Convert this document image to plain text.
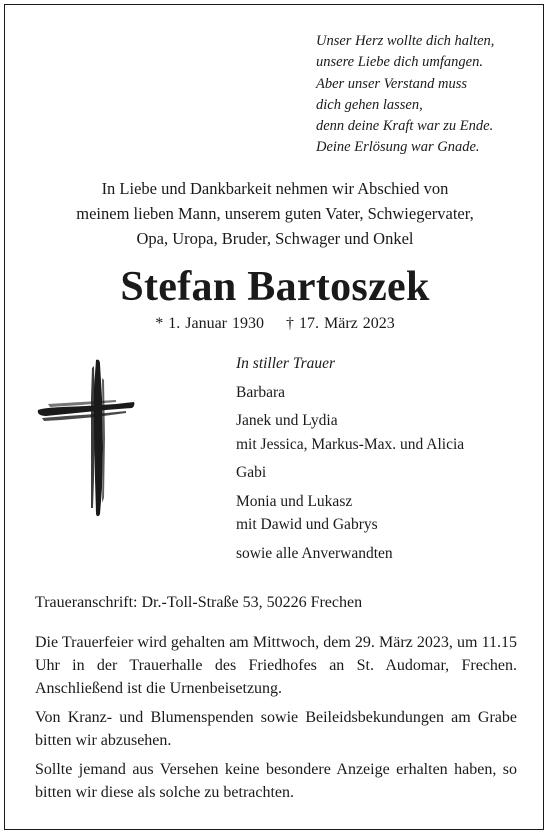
Unser Herz wollte dich halten,
unsere Liebe dich umfangen.
Aber unser Verstand muss
dich gehen lassen,
denn deine Kraft war zu Ende.
Deine Erlösung war Gnade.
In Liebe und Dankbarkeit nehmen wir Abschied von
meinem lieben Mann, unserem guten Vater, Schwiegervater,
Opa, Uropa, Bruder, Schwager und Onkel
Stefan Bartoszek
* 1. Januar 1930 † 17. März 2023
In stiller Trauer
Barbara
Janek und Lydia
mit Jessica, Markus-Max. und Alicia
Gabi
Monia und Lukasz
mit Dawid und Gabrys
sowie alle Anverwandten
Traueranschrift: Dr.-Toll-Straße 53, 50226 Frechen

Die Trauerfeier wird gehalten am Mittwoch, dem 29. März 2023, um 11.15 Uhr in der Trauerhalle des Friedhofes an St. Audomar, Frechen. Anschließend ist die Urnenbeisetzung.

Von Kranz- und Blumenspenden sowie Beileidsbekundungen am Grabe bitten wir abzusehen.

Sollte jemand aus Versehen keine besondere Anzeige erhalten haben, so bitten wir diese als solche zu betrachten.
